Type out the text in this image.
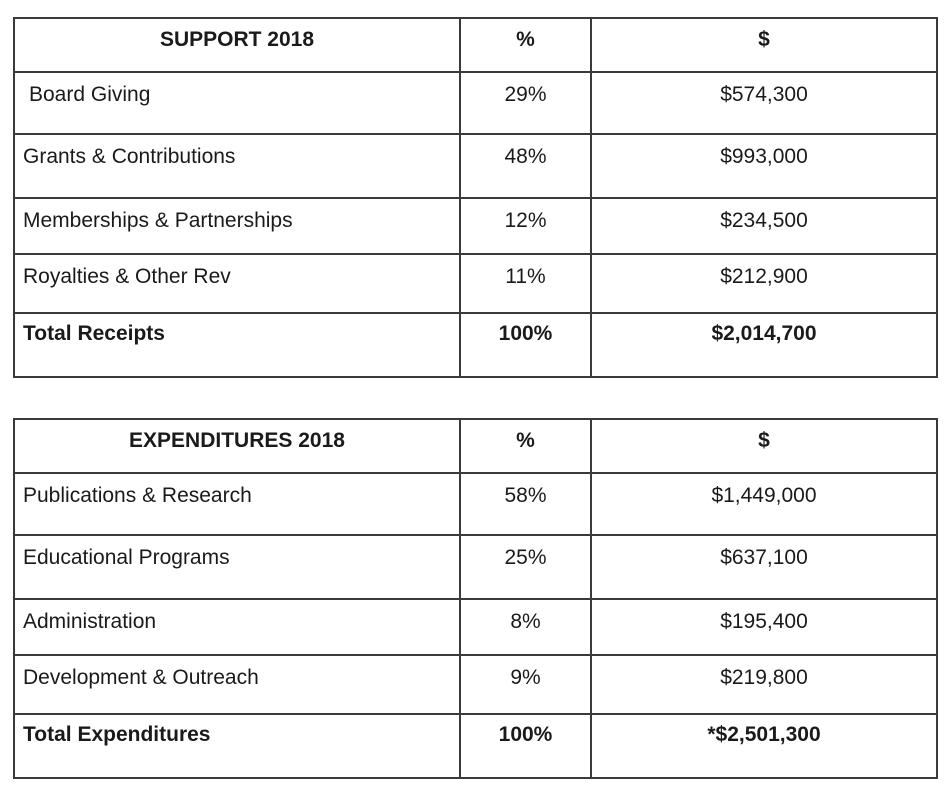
SUPPORT 2018	%	$

Board Giving	29%	$574,300

Grants & Contributions	48%	$993,000

Memberships & Partnerships	12%	$234,500

Royalties & Other Rev	11%	$212,900

Total Receipts	100%	$2,014,700
EXPENDITURES 2018	%	$

Publications & Research	58%	$1,449,000

Educational Programs	25%	$637,100

Administration	8%	$195,400

Development & Outreach	9%	$219,800

Total Expenditures	100%	*$2,501,300
